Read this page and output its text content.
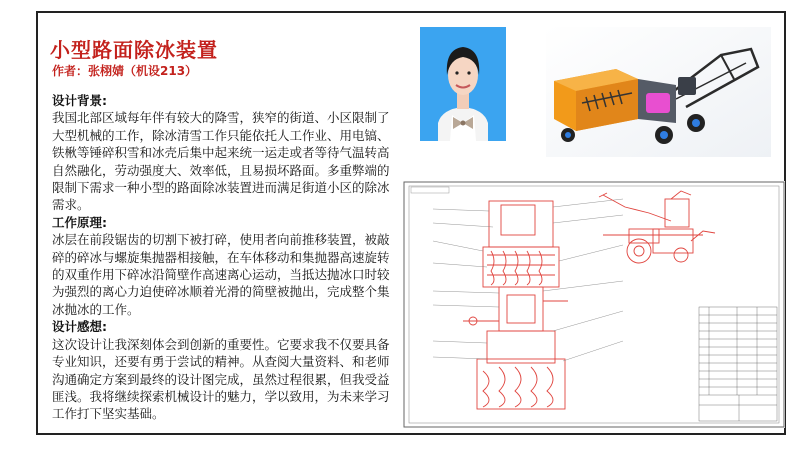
小型路面除冰装置
作者：张栩婧（机设213）
设计背景:
我国北部区域每年伴有较大的降雪，狭窄的街道、小区限制了大型机械的工作，除冰清雪工作只能依托人工作业、用电镐、铁楸等锤碎积雪和冰壳后集中起来统一运走或者等待气温转高自然融化，劳动强度大、效率低，且易损坏路面。多重弊端的限制下需求一种小型的路面除冰装置进而满足街道小区的除冰需求。
工作原理:
冰层在前段锯齿的切割下被打碎，使用者向前推移装置，被敲碎的碎冰与螺旋集抛器相接触，在车体移动和集抛器高速旋转的双重作用下碎冰沿简壁作高速离心运动，当抵达抛冰口时较为强烈的离心力迫使碎冰顺着光滑的简壁被抛出，完成整个集冰抛冰的工作。
设计感想:
这次设计让我深刻体会到创新的重要性。它要求我不仅要具备专业知识，还要有勇于尝试的精神。从查阅大量资料、和老师沟通确定方案到最终的设计图完成，虽然过程很累，但我受益匪浅。我将继续探索机械设计的魅力，学以致用，为未来学习工作打下坚实基础。
